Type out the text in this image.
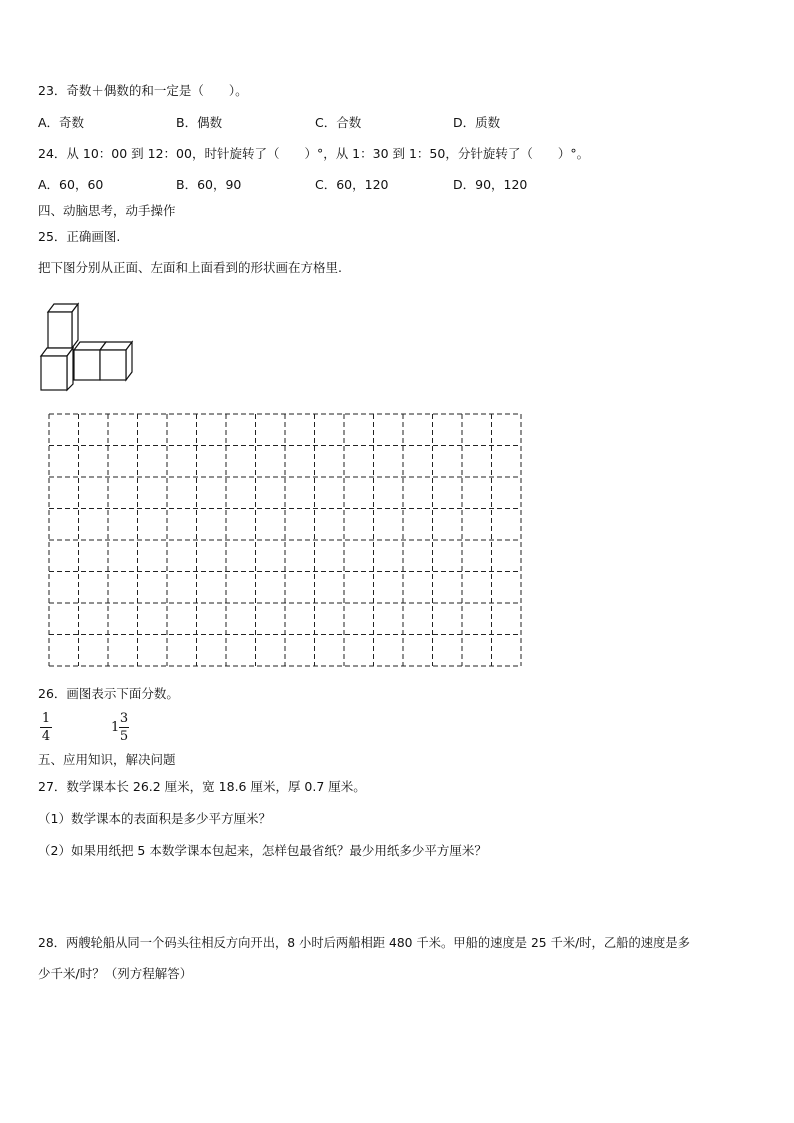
23．奇数＋偶数的和一定是（　　）。
A．奇数	B．偶数	C．合数	D．质数
24．从 10：00 到 12：00，时针旋转了（　　）°，从 1：30 到 1：50，分针旋转了（　　）°。
A．60，60	B．60，90	C．60，120	D．90，120
四、动脑思考，动手操作
25．正确画图.
把下图分别从正面、左面和上面看到的形状画在方格里.
26．画图表示下面分数。
1
4
1
3
5
五、应用知识，解决问题
27．数学课本长 26.2 厘米，宽 18.6 厘米，厚 0.7 厘米。
（1）数学课本的表面积是多少平方厘米？
（2）如果用纸把 5 本数学课本包起来，怎样包最省纸？最少用纸多少平方厘米？
28．两艘轮船从同一个码头往相反方向开出，8 小时后两船相距 480 千米。甲船的速度是 25 千米/时，乙船的速度是多
少千米/时？（列方程解答）
